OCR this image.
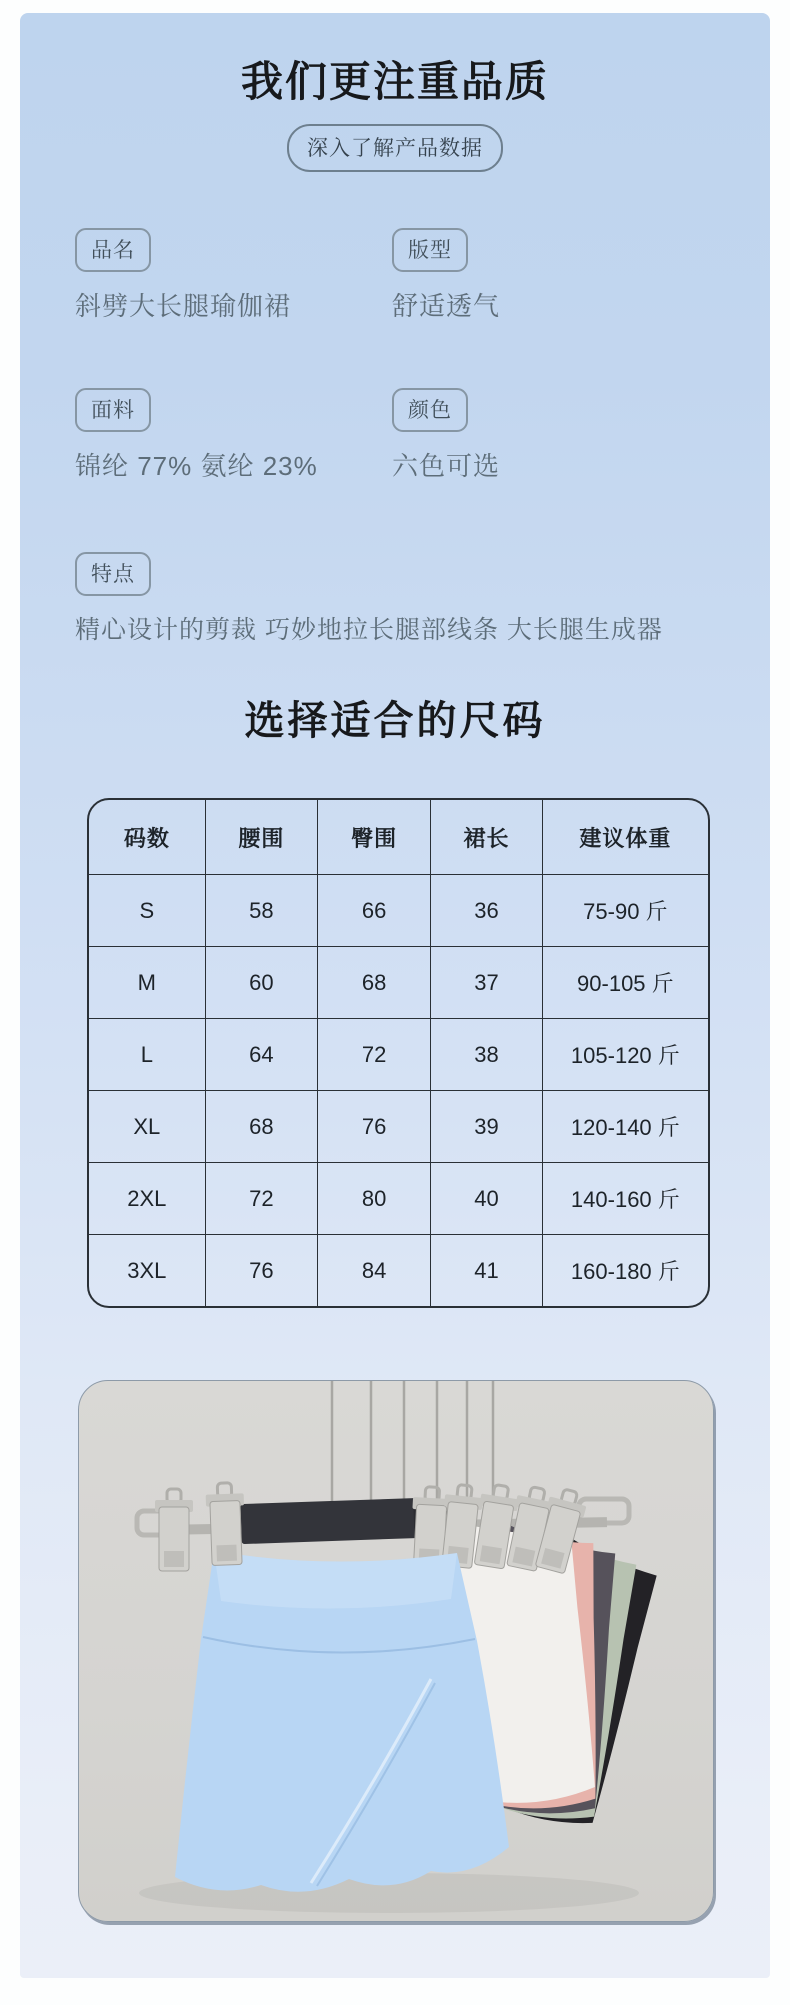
我们更注重品质
深入了解产品数据
品名
斜劈大长腿瑜伽裙
版型
舒适透气
面料
锦纶 77% 氨纶 23%
颜色
六色可选
特点
精心设计的剪裁 巧妙地拉长腿部线条 大长腿生成器
选择适合的尺码
码数	腰围	臀围	裙长	建议体重
S	58	66	36	75-90 斤
M	60	68	37	90-105 斤
L	64	72	38	105-120 斤
XL	68	76	39	120-140 斤
2XL	72	80	40	140-160 斤
3XL	76	84	41	160-180 斤
